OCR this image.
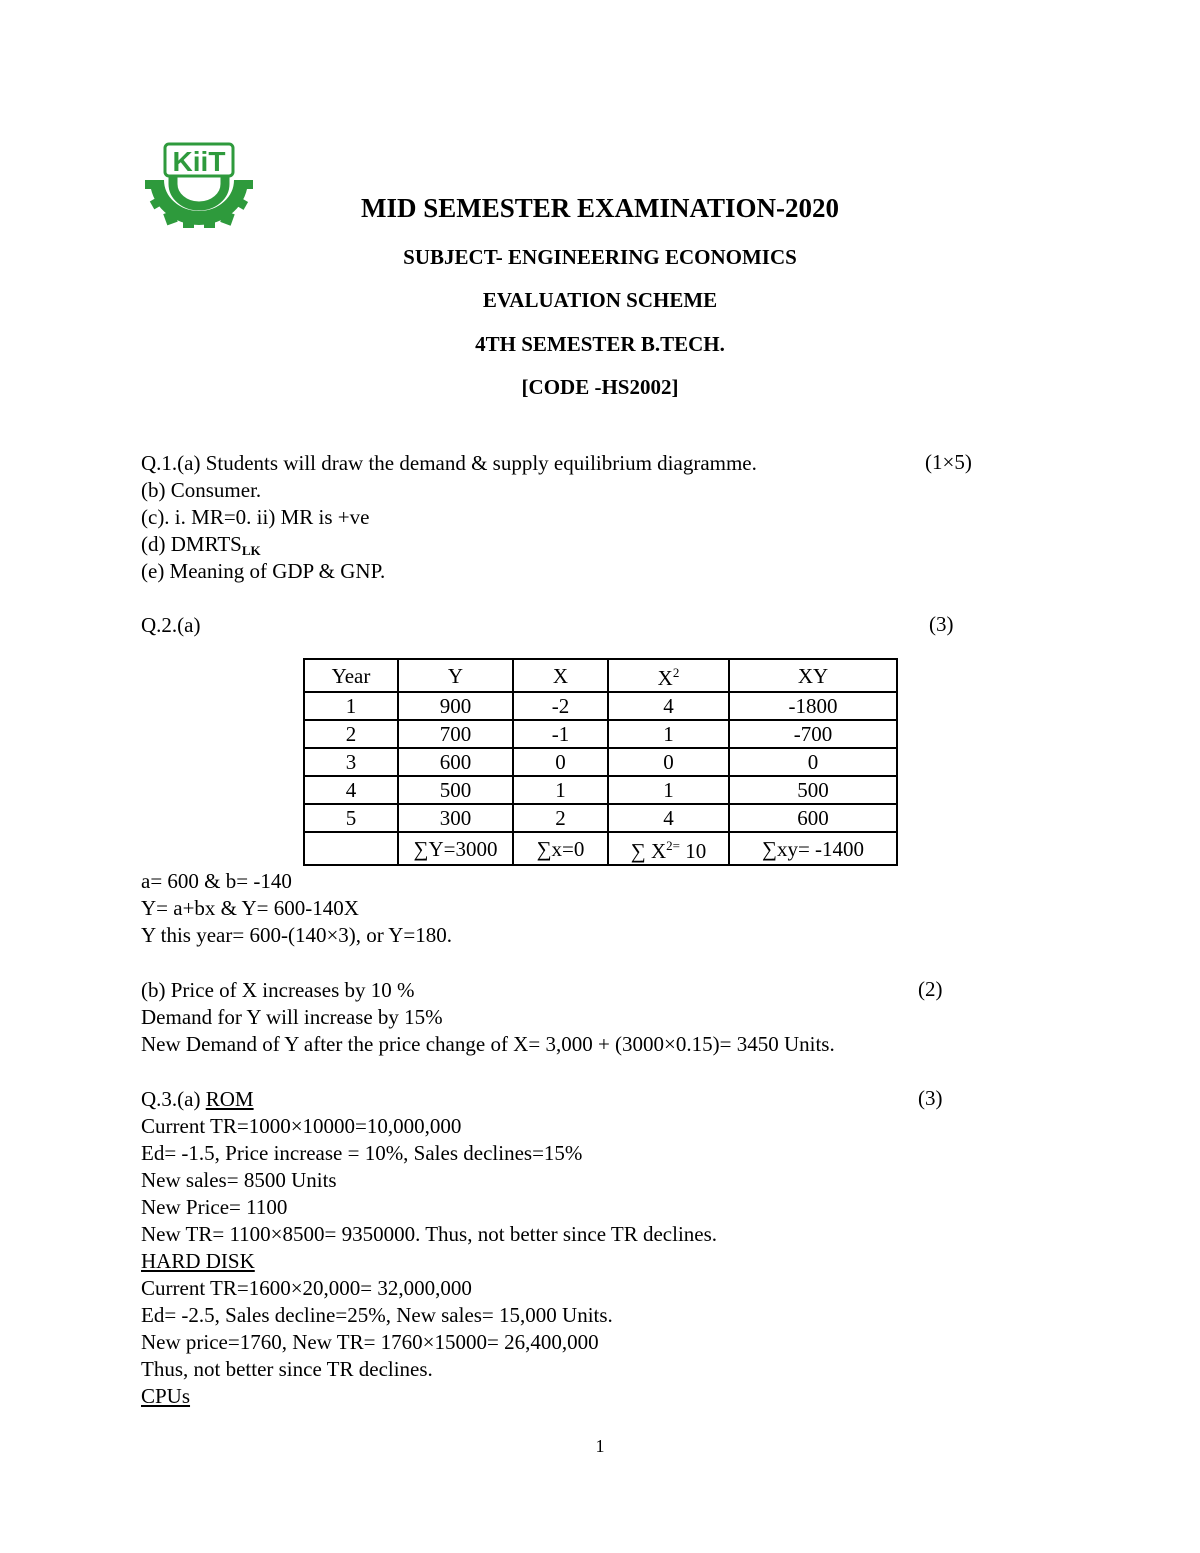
KiiT
MID SEMESTER EXAMINATION-2020
SUBJECT- ENGINEERING ECONOMICS
EVALUATION SCHEME
4TH SEMESTER B.TECH.
[CODE -HS2002]
Q.1.(a) Students will draw the demand & supply equilibrium diagramme.	(1×5)
(b) Consumer.
(c). i. MR=0. ii) MR is +ve
(d) $DMRTS_{LK}$
(e) Meaning of GDP & GNP.
Q.2.(a)	(3)
Year	Y	X	$X^2$	XY
1	900	-2	4	-1800
2	700	-1	1	-700
3	600	0	0	0
4	500	1	1	500
5	300	2	4	600
	∑Y=3000	∑x=0	∑ $X^{2=}$ 10	∑xy= -1400
a= 600 & b= -140
Y= a+bx & Y= 600-140X
Y this year= 600-(140×3), or Y=180.
(b) Price of X increases by 10 %	(2)
Demand for Y will increase by 15%
New Demand of Y after the price change of X= 3,000 + (3000×0.15)= 3450 Units.
Q.3.(a) ROM	(3)
Current TR=1000×10000=10,000,000
Ed= -1.5, Price increase = 10%, Sales declines=15%
New sales= 8500 Units
New Price= 1100
New TR= 1100×8500= 9350000. Thus, not better since TR declines.
HARD DISK
Current TR=1600×20,000= 32,000,000
Ed= -2.5, Sales decline=25%, New sales= 15,000 Units.
New price=1760, New TR= 1760×15000= 26,400,000
Thus, not better since TR declines.
CPUs
1
